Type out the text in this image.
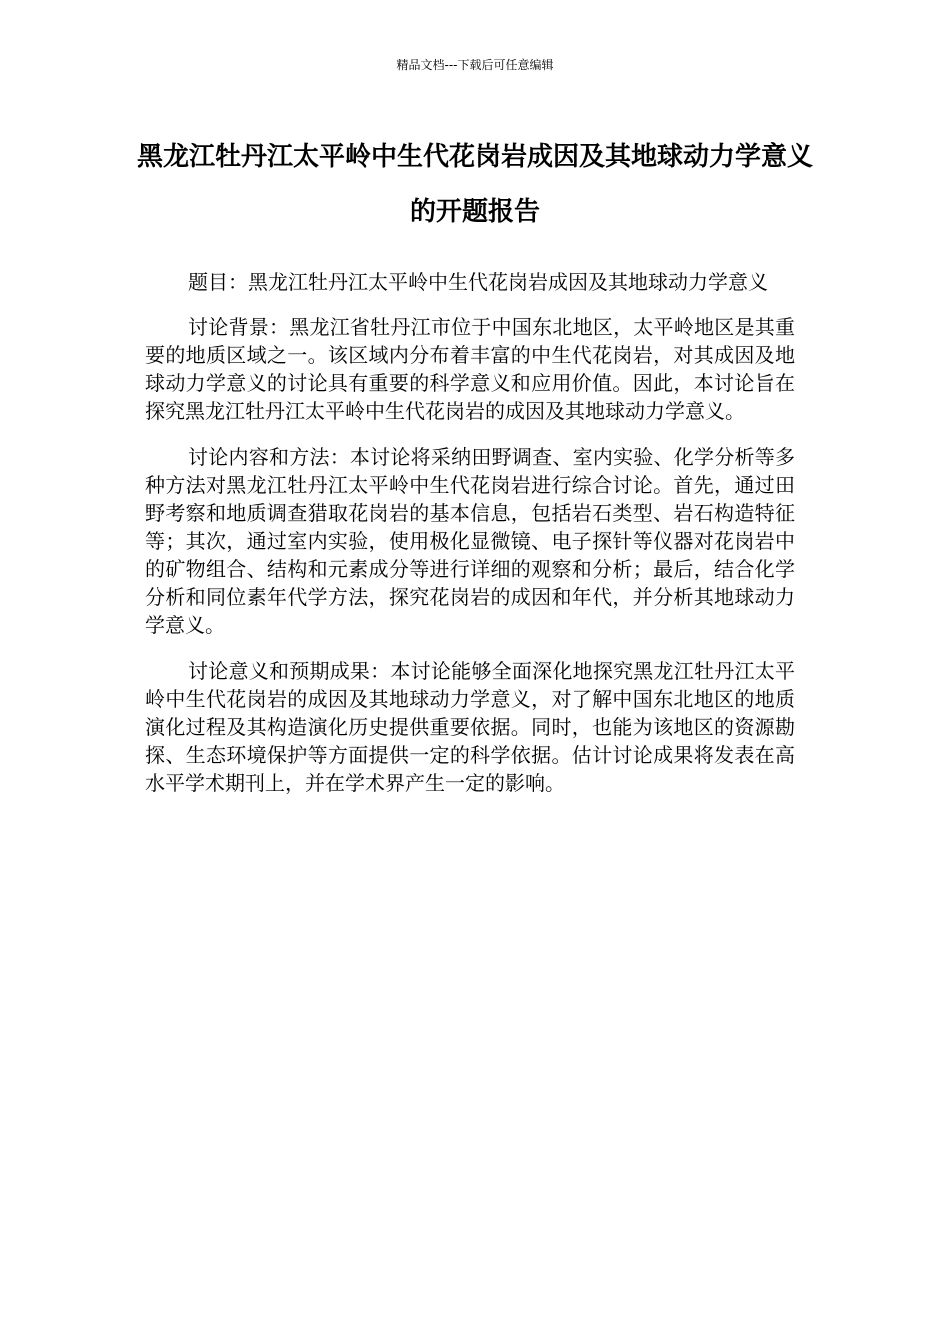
精品文档---下载后可任意编辑
黑龙江牡丹江太平岭中生代花岗岩成因及其地球动力学意义的开题报告

题目：黑龙江牡丹江太平岭中生代花岗岩成因及其地球动力学意义

讨论背景：黑龙江省牡丹江市位于中国东北地区，太平岭地区是其重要的地质区域之一。该区域内分布着丰富的中生代花岗岩，对其成因及地球动力学意义的讨论具有重要的科学意义和应用价值。因此，本讨论旨在探究黑龙江牡丹江太平岭中生代花岗岩的成因及其地球动力学意义。

讨论内容和方法：本讨论将采纳田野调查、室内实验、化学分析等多种方法对黑龙江牡丹江太平岭中生代花岗岩进行综合讨论。首先，通过田野考察和地质调查猎取花岗岩的基本信息，包括岩石类型、岩石构造特征等；其次，通过室内实验，使用极化显微镜、电子探针等仪器对花岗岩中的矿物组合、结构和元素成分等进行详细的观察和分析；最后，结合化学分析和同位素年代学方法，探究花岗岩的成因和年代，并分析其地球动力学意义。

讨论意义和预期成果：本讨论能够全面深化地探究黑龙江牡丹江太平岭中生代花岗岩的成因及其地球动力学意义，对了解中国东北地区的地质演化过程及其构造演化历史提供重要依据。同时，也能为该地区的资源勘探、生态环境保护等方面提供一定的科学依据。估计讨论成果将发表在高水平学术期刊上，并在学术界产生一定的影响。
